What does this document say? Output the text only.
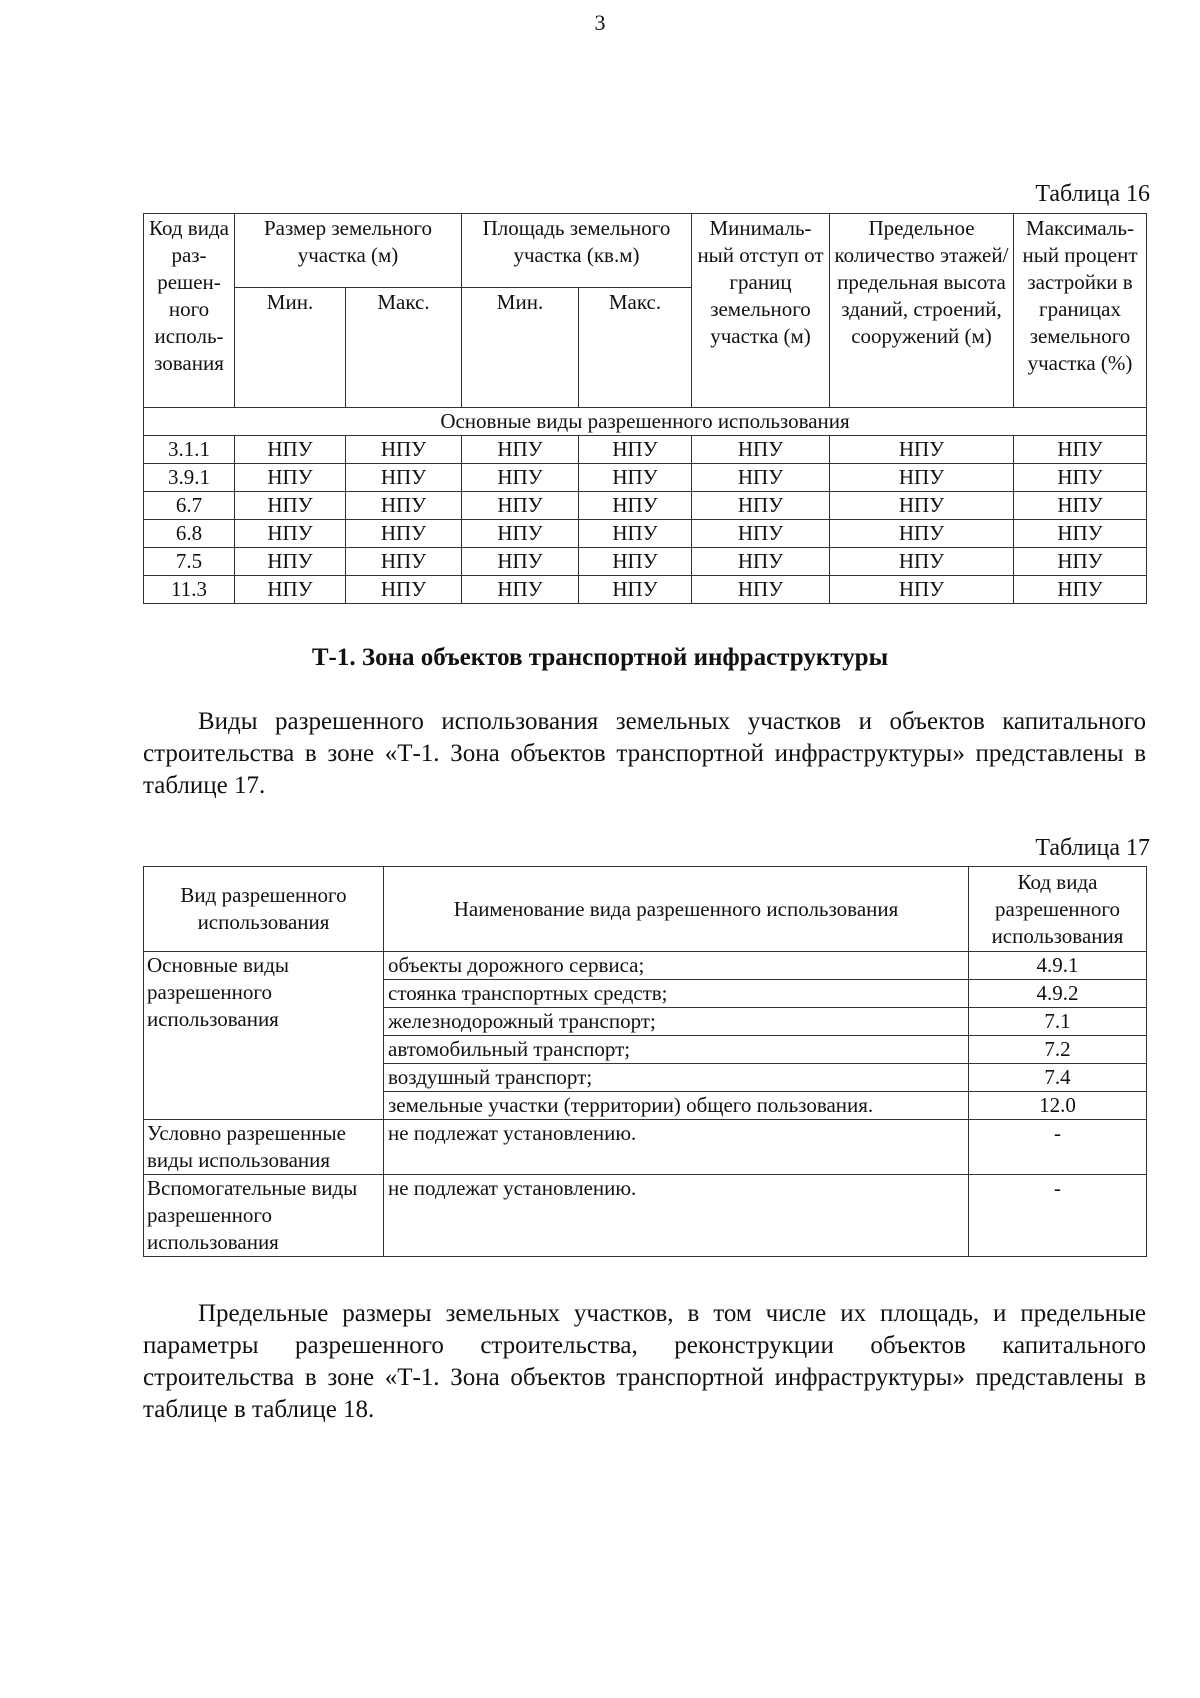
3
Таблица 16
Код вида раз-решен-ного исполь-зования	Размер земельного участка (м)		Площадь земельного участка (кв.м)		Минималь-ный отступ от границ земельного участка (м)	Предельное количество этажей/ предельная высота зданий, строений, сооружений (м)	Максималь-ный процент застройки в границах земельного участка (%)
	Мин.	Макс.	Мин.	Макс.			
Основные виды разрешенного использования							
3.1.1	НПУ	НПУ	НПУ	НПУ	НПУ	НПУ	НПУ
3.9.1	НПУ	НПУ	НПУ	НПУ	НПУ	НПУ	НПУ
6.7	НПУ	НПУ	НПУ	НПУ	НПУ	НПУ	НПУ
6.8	НПУ	НПУ	НПУ	НПУ	НПУ	НПУ	НПУ
7.5	НПУ	НПУ	НПУ	НПУ	НПУ	НПУ	НПУ
11.3	НПУ	НПУ	НПУ	НПУ	НПУ	НПУ	НПУ
Т-1. Зона объектов транспортной инфраструктуры

Виды разрешенного использования земельных участков и объектов капитального строительства в зоне «Т-1. Зона объектов транспортной инфраструктуры» представлены в таблице 17.

Таблица 17
Вид разрешенного использования	Наименование вида разрешенного использования	Код вида разрешенного использования
Основные виды разрешенного использования	объекты дорожного сервиса;	4.9.1
	стоянка транспортных средств;	4.9.2
	железнодорожный транспорт;	7.1
	автомобильный транспорт;	7.2
	воздушный транспорт;	7.4
	земельные участки (территории) общего пользования.	12.0
Условно разрешенные виды использования	не подлежат установлению.	-
Вспомогательные виды разрешенного использования	не подлежат установлению.	-

Предельные размеры земельных участков, в том числе их площадь, и предельные параметры разрешенного строительства, реконструкции объектов капитального строительства в зоне «Т-1. Зона объектов транспортной инфраструктуры» представлены в таблице в таблице 18.
